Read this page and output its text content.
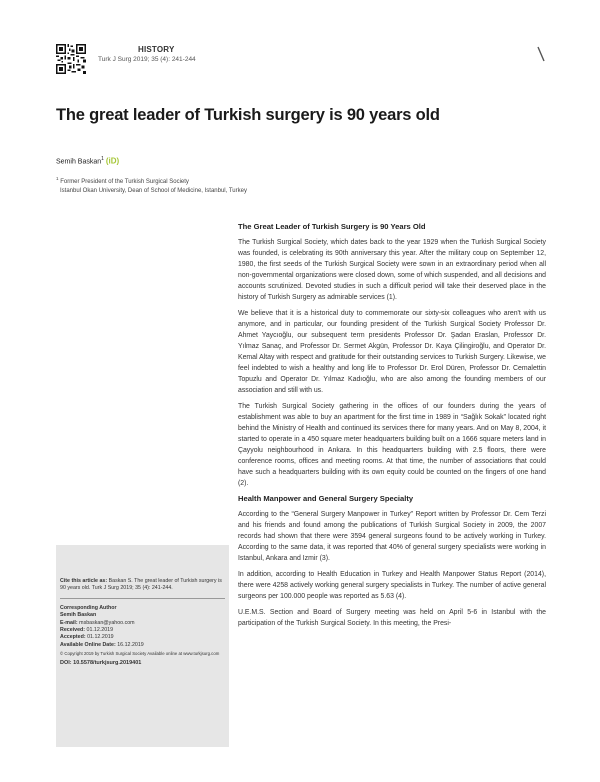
HISTORY
Turk J Surg 2019; 35 (4): 241-244
The great leader of Turkish surgery is 90 years old
Semih Baskan$^1$ (iD)
$^1$ Former President of the Turkish Surgical Society
Istanbul Okan University, Dean of School of Medicine, Istanbul, Turkey
Cite this article as: Baskan S. The great leader of Turkish surgery is 90 years old. Turk J Surg 2019; 35 (4): 241-244.
Corresponding Author
Semih Baskan
E-mail: msbaskan@yahoo.com
Received: 01.12.2019
Accepted: 01.12.2019
Available Online Date: 16.12.2019
© Copyright 2019 by Turkish Surgical Society Available online at www.turkjsurg.com
DOI: 10.5578/turkjsurg.2019401
The Great Leader of Turkish Surgery is 90 Years Old

The Turkish Surgical Society, which dates back to the year 1929 when the Turkish Surgical Society was founded, is celebrating its 90th anniversary this year. After the military coup on September 12, 1980, the first seeds of the Turkish Surgical Society were sown in an extraordinary period when all non-governmental organizations were closed down, some of which suspended, and all decisions and accounts scrutinized. Devoted studies in such a difficult period will take their deserved place in the history of Turkish Surgery as admirable services (1).

We believe that it is a historical duty to commemorate our sixty-six colleagues who aren't with us anymore, and in particular, our founding president of the Turkish Surgical Society Professor Dr. Ahmet Yaycıoğlu, our subsequent term presidents Professor Dr. Şadan Eraslan, Professor Dr. Yılmaz Sanaç, and Professor Dr. Sermet Akgün, Professor Dr. Kaya Çilingiroğlu, and Operator Dr. Kemal Altay with respect and gratitude for their outstanding services to Turkish Surgery. Likewise, we feel indebted to wish a healthy and long life to Professor Dr. Erol Düren, Professor Dr. Cemalettin Topuzlu and Operator Dr. Yılmaz Kadıoğlu, who are also among the founding members of our association and still with us.

The Turkish Surgical Society gathering in the offices of our founders during the years of establishment was able to buy an apartment for the first time in 1989 in “Sağlık Sokak” located right behind the Ministry of Health and continued its services there for many years. And on May 8, 2004, it started to operate in a 450 square meter headquarters building built on a 1666 square meters land in Çayyolu neighbourhood in Ankara. In this headquarters building with 2.5 floors, there were conference rooms, offices and meeting rooms. At that time, the number of associations that could have such a headquarters building with its own equity could be counted on the fingers of one hand (2).

Health Manpower and General Surgery Specialty

According to the “General Surgery Manpower in Turkey” Report written by Professor Dr. Cem Terzi and his friends and found among the publications of Turkish Surgical Society in 2009, the 2007 records had shown that there were 3594 general surgeons found to be actively working in Turkey. According to the same data, it was reported that 40% of general surgery specialists were working in Istanbul, Ankara and Izmir (3).

In addition, according to Health Education in Turkey and Health Manpower Status Report (2014), there were 4258 actively working general surgery specialists in Turkey. The number of active general surgeons per 100.000 people was reported as 5.63 (4).

U.E.M.S. Section and Board of Surgery meeting was held on April 5-6 in Istanbul with the participation of the Turkish Surgical Society. In this meeting, the Presi-
